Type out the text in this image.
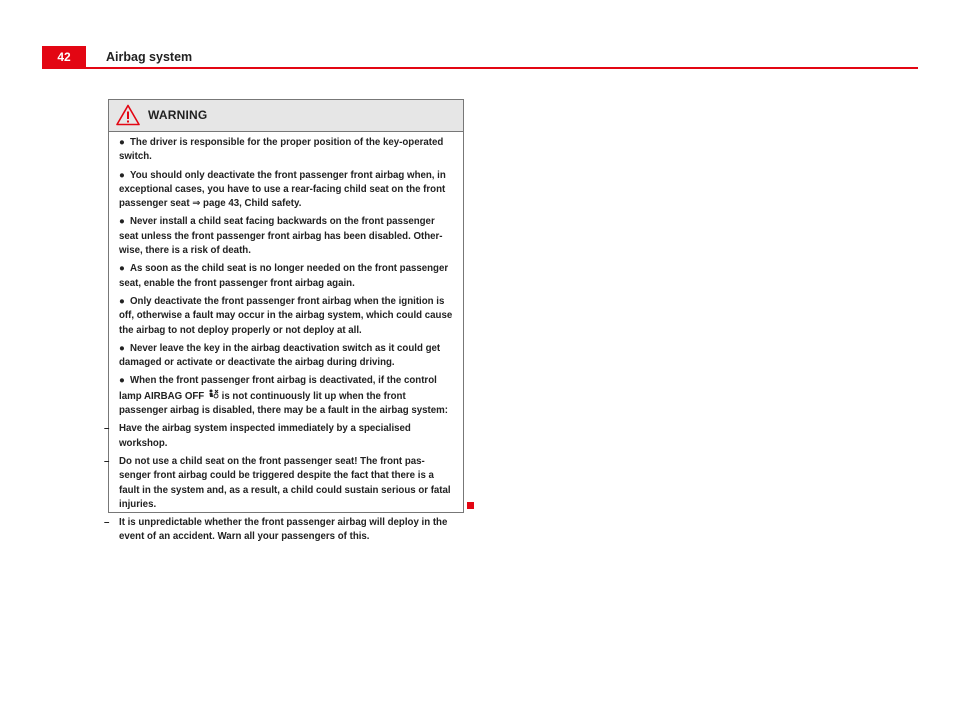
42	Airbag system
WARNING

● The driver is responsible for the proper position of the key-operated switch.

● You should only deactivate the front passenger front airbag when, in exceptional cases, you have to use a rear-facing child seat on the front passenger seat ⇒ page 43, Child safety.

● Never install a child seat facing backwards on the front passenger seat unless the front passenger front airbag has been disabled. Other-wise, there is a risk of death.

● As soon as the child seat is no longer needed on the front passenger seat, enable the front passenger front airbag again.

● Only deactivate the front passenger front airbag when the ignition is off, otherwise a fault may occur in the airbag system, which could cause the airbag to not deploy properly or not deploy at all.

● Never leave the key in the airbag deactivation switch as it could get damaged or activate or deactivate the airbag during driving.

● When the front passenger front airbag is deactivated, if the control lamp AIRBAG OFF is not continuously lit up when the front passenger airbag is disabled, there may be a fault in the airbag system:

– Have the airbag system inspected immediately by a specialised workshop.

– Do not use a child seat on the front passenger seat! The front pas-senger front airbag could be triggered despite the fact that there is a fault in the system and, as a result, a child could sustain serious or fatal injuries.

– It is unpredictable whether the front passenger airbag will deploy in the event of an accident. Warn all your passengers of this.
